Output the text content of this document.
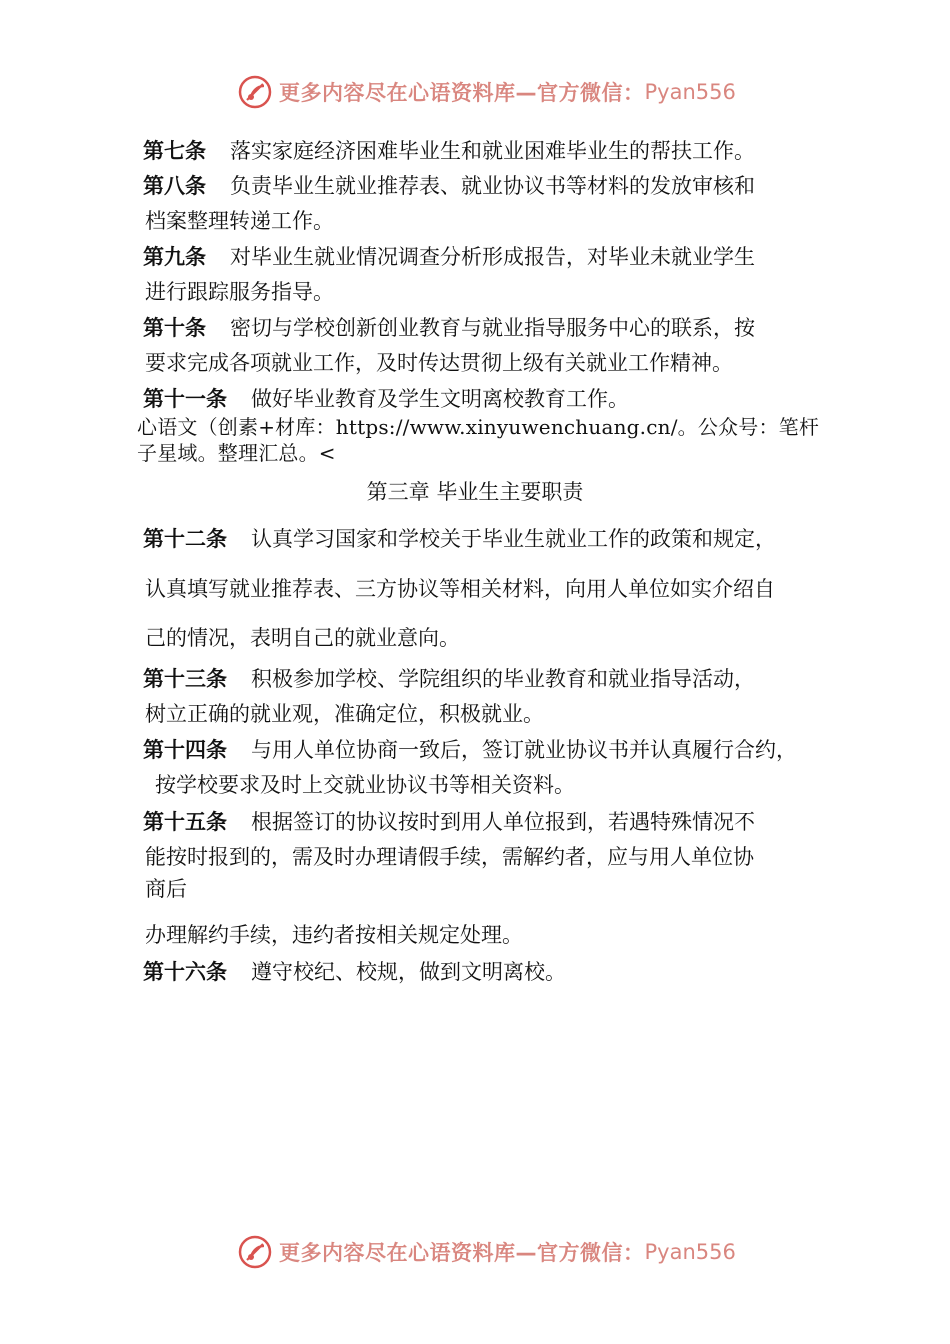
更多内容尽在心语资料库—官方微信： Pyan556
第七条 落实家庭经济困难毕业生和就业困难毕业生的帮扶工作。
第八条 负责毕业生就业推荐表、就业协议书等材料的发放审核和
档案整理转递工作。
第九条 对毕业生就业情况调查分析形成报告，对毕业未就业学生
进行跟踪服务指导。
第十条 密切与学校创新创业教育与就业指导服务中心的联系，按
要求完成各项就业工作，及时传达贯彻上级有关就业工作精神。
第十一条 做好毕业教育及学生文明离校教育工作。
心语文（创素+材库：https://www.xinyuwenchuang.cn/。公众号：笔杆
子星域。整理汇总。<
第三章 毕业生主要职责
第十二条 认真学习国家和学校关于毕业生就业工作的政策和规定，
认真填写就业推荐表、三方协议等相关材料，向用人单位如实介绍自
己的情况，表明自己的就业意向。
第十三条 积极参加学校、学院组织的毕业教育和就业指导活动，
树立正确的就业观，准确定位，积极就业。
第十四条 与用人单位协商一致后，签订就业协议书并认真履行合约，
按学校要求及时上交就业协议书等相关资料。
第十五条 根据签订的协议按时到用人单位报到，若遇特殊情况不
能按时报到的，需及时办理请假手续，需解约者，应与用人单位协
商后
办理解约手续，违约者按相关规定处理。
第十六条 遵守校纪、校规，做到文明离校。
更多内容尽在心语资料库—官方微信： Pyan556
